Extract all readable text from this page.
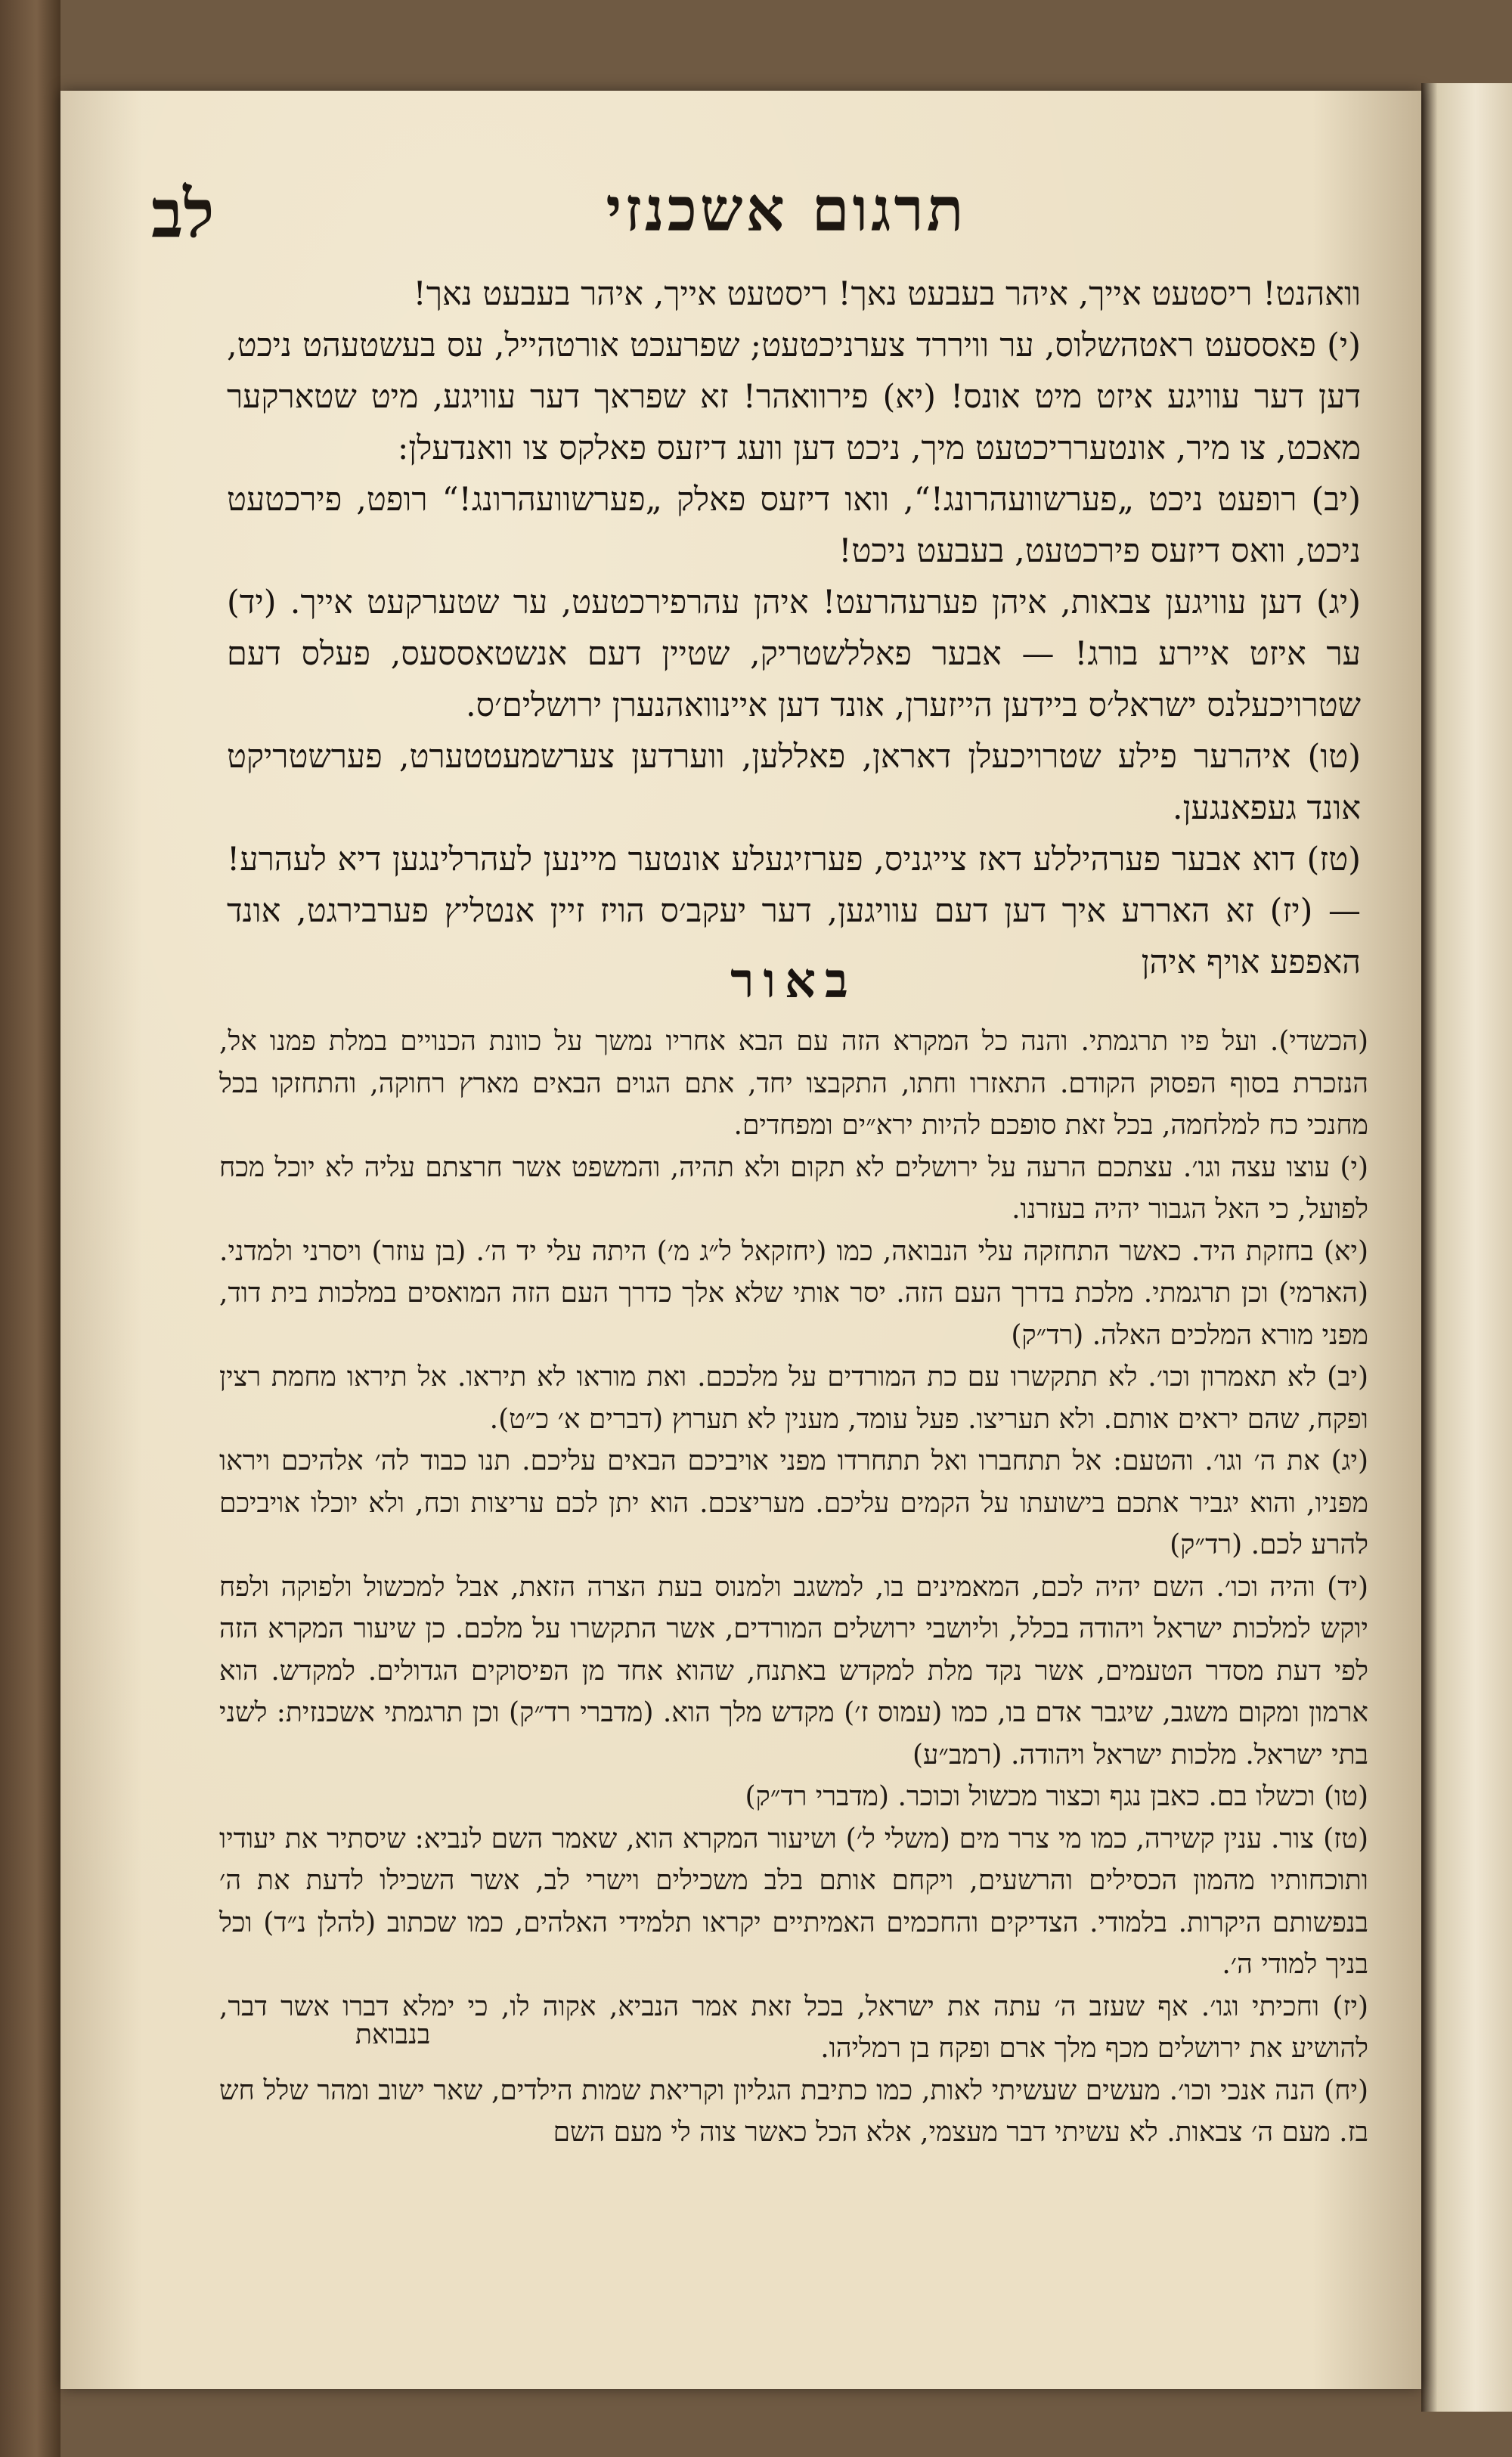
לב	תרגום אשכנזי

וואהנט! ריסטעט אייך, איהר בעבעט נאך! ריסטעט אייך, איהר בעבעט נאך!

(י) פאססעט ראטהשלוס, ער וויררד צערניכטעט; שפרעכט אורטהייל, עס בעשטעהט ניכט, דען דער עוויגע איזט מיט אונס! (יא) פירוואהר! זא שפראך דער עוויגע, מיט שטארקער מאכט, צו מיר, אונטערריכטעט מיך, ניכט דען וועג דיזעס פאלקס צו וואנדעלן:

(יב) רופעט ניכט „פערשוועהרונג!“, וואו דיזעס פאלק „פערשוועהרונג!“ רופט, פירכטעט ניכט, וואס דיזעס פירכטעט, בעבעט ניכט!

(יג) דען עוויגען צבאות, איהן פערעהרעט! איהן עהרפירכטעט, ער שטערקעט אייך. (יד) ער איזט איירע בורג! — אבער פאללשטריק, שטיין דעם אנשטאססעס, פעלס דעם שטרויכעלנס ישראל׳ס ביידען הייזערן, אונד דען איינוואהנערן ירושלים׳ס.

(טו) איהרער פילע שטרויכעלן דאראן, פאללען, ווערדען צערשמעטטערט, פערשטריקט אונד געפאנגען.

(טז) דוא אבער פערהיללע דאז צייגניס, פערזיגעלע אונטער מיינען לעהרלינגען דיא לעהרע! — (יז) זא האררע איך דען דעם עוויגען, דער יעקב׳ס הויז זיין אנטליץ פערבירגט, אונד האפפע אויף איהן

באור

(הכשדי). ועל פיו תרגמתי. והנה כל המקרא הזה עם הבא אחריו נמשך על כוונת הכנויים במלת פמנו אל, הנזכרת בסוף הפסוק הקודם. התאזרו וחתו, התקבצו יחד, אתם הגוים הבאים מארץ רחוקה, והתחזקו בכל מחנכי כח למלחמה, בכל זאת סופכם להיות ירא״ים ומפחדים.

(י) עוצו עצה וגו׳. עצתכם הרעה על ירושלים לא תקום ולא תהיה, והמשפט אשר חרצתם עליה לא יוכל מכח לפועל, כי האל הגבור יהיה בעזרנו.

(יא) בחזקת היד. כאשר התחזקה עלי הנבואה, כמו (יחזקאל ל״ג מ׳) היתה עלי יד ה׳. (בן עוזר) ויסרני ולמדני. (הארמי) וכן תרגמתי. מלכת בדרך העם הזה. יסר אותי שלא אלך כדרך העם הזה המואסים במלכות בית דוד, מפני מורא המלכים האלה. (רד״ק)

(יב) לא תאמרון וכו׳. לא תתקשרו עם כת המורדים על מלככם. ואת מוראו לא תיראו. אל תיראו מחמת רצין ופקח, שהם יראים אותם. ולא תעריצו. פעל עומד, מענין לא תערוץ (דברים א׳ כ״ט).

(יג) את ה׳ וגו׳. והטעם: אל תתחברו ואל תתחרדו מפני אויביכם הבאים עליכם. תנו כבוד לה׳ אלהיכם ויראו מפניו, והוא יגביר אתכם בישועתו על הקמים עליכם. מעריצכם. הוא יתן לכם עריצות וכח, ולא יוכלו אויביכם להרע לכם. (רד״ק)

(יד) והיה וכו׳. השם יהיה לכם, המאמינים בו, למשגב ולמנוס בעת הצרה הזאת, אבל למכשול ולפוקה ולפח יוקש למלכות ישראל ויהודה בכלל, וליושבי ירושלים המורדים, אשר התקשרו על מלכם. כן שיעור המקרא הזה לפי דעת מסדר הטעמים, אשר נקד מלת למקדש באתנח, שהוא אחד מן הפיסוקים הגדולים. למקדש. הוא ארמון ומקום משגב, שיגבר אדם בו, כמו (עמוס ז׳) מקדש מלך הוא. (מדברי רד״ק) וכן תרגמתי אשכנזית: לשני בתי ישראל. מלכות ישראל ויהודה. (רמב״ע)

(טו) וכשלו בם. כאבן נגף וכצור מכשול וכוכר. (מדברי רד״ק)

(טז) צור. ענין קשירה, כמו מי צרר מים (משלי ל׳) ושיעור המקרא הוא, שאמר השם לנביא: שיסתיר את יעודיו ותוכחותיו מהמון הכסילים והרשעים, ויקחם אותם בלב משכילים וישרי לב, אשר השכילו לדעת את ה׳ בנפשותם היקרות. בלמודי. הצדיקים והחכמים האמיתיים יקראו תלמידי האלהים, כמו שכתוב (להלן נ״ד) וכל בניך למודי ה׳.

(יז) וחכיתי וגו׳. אף שעזב ה׳ עתה את ישראל, בכל זאת אמר הנביא, אקוה לו, כי ימלא דברו אשר דבר, להושיע את ירושלים מכף מלך ארם ופקח בן רמליהו.

(יח) הנה אנכי וכו׳. מעשים שעשיתי לאות, כמו כתיבת הגליון וקריאת שמות הילדים, שאר ישוב ומהר שלל חש בז. מעם ה׳ צבאות. לא עשיתי דבר מעצמי, אלא הכל כאשר צוה לי מעם השם

בנבואת
